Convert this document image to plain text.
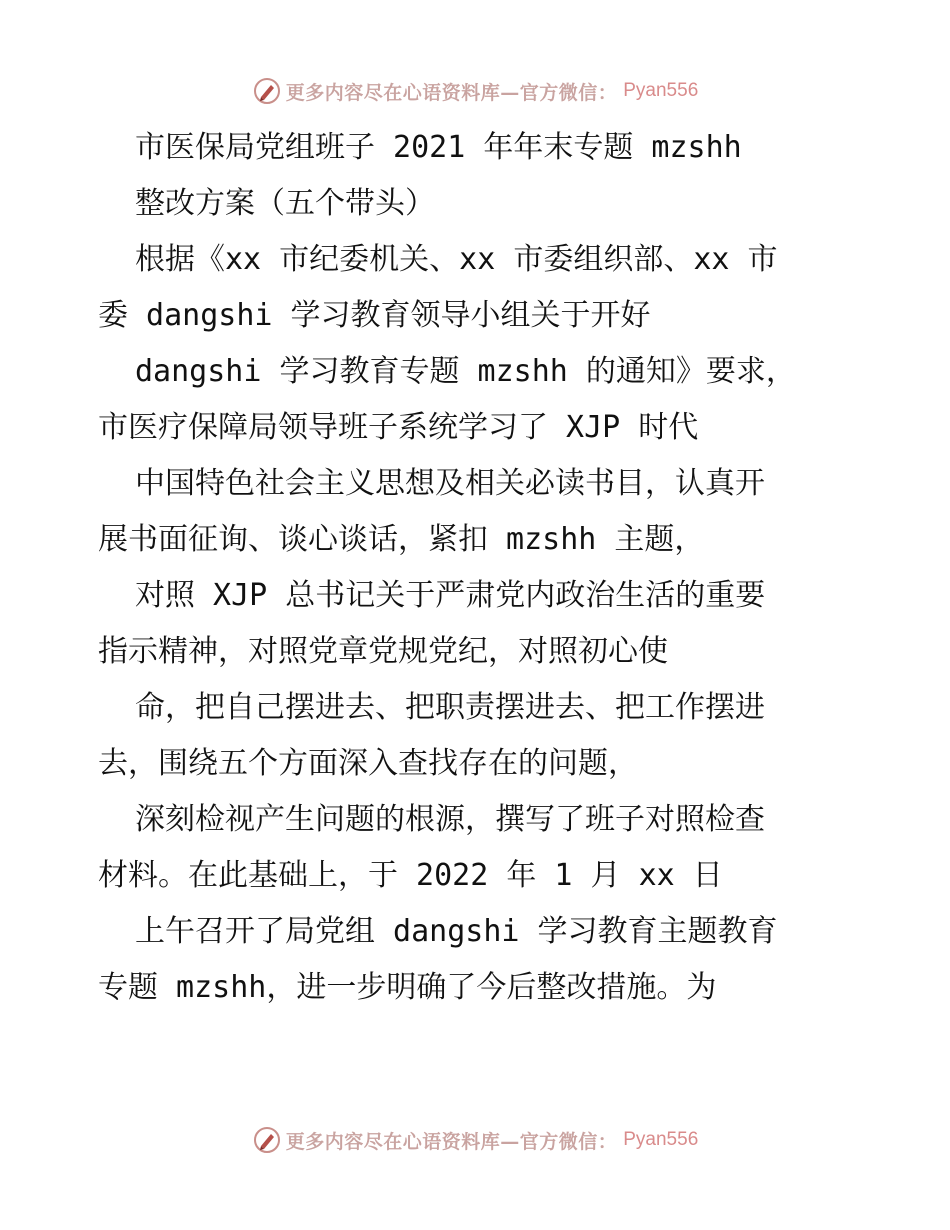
更多内容尽在心语资料库—官方微信： Pyan556
市医保局党组班子 2021 年年末专题 mzshh
整改方案（五个带头）
根据《xx 市纪委机关、xx 市委组织部、xx 市
委 dangshi 学习教育领导小组关于开好
dangshi 学习教育专题 mzshh 的通知》要求，
市医疗保障局领导班子系统学习了 XJP 时代
中国特色社会主义思想及相关必读书目，认真开
展书面征询、谈心谈话，紧扣 mzshh 主题，
对照 XJP 总书记关于严肃党内政治生活的重要
指示精神，对照党章党规党纪，对照初心使
命，把自己摆进去、把职责摆进去、把工作摆进
去，围绕五个方面深入查找存在的问题，
深刻检视产生问题的根源，撰写了班子对照检查
材料。在此基础上，于 2022 年 1 月 xx 日
上午召开了局党组 dangshi 学习教育主题教育
专题 mzshh，进一步明确了今后整改措施。为
更多内容尽在心语资料库—官方微信： Pyan556
